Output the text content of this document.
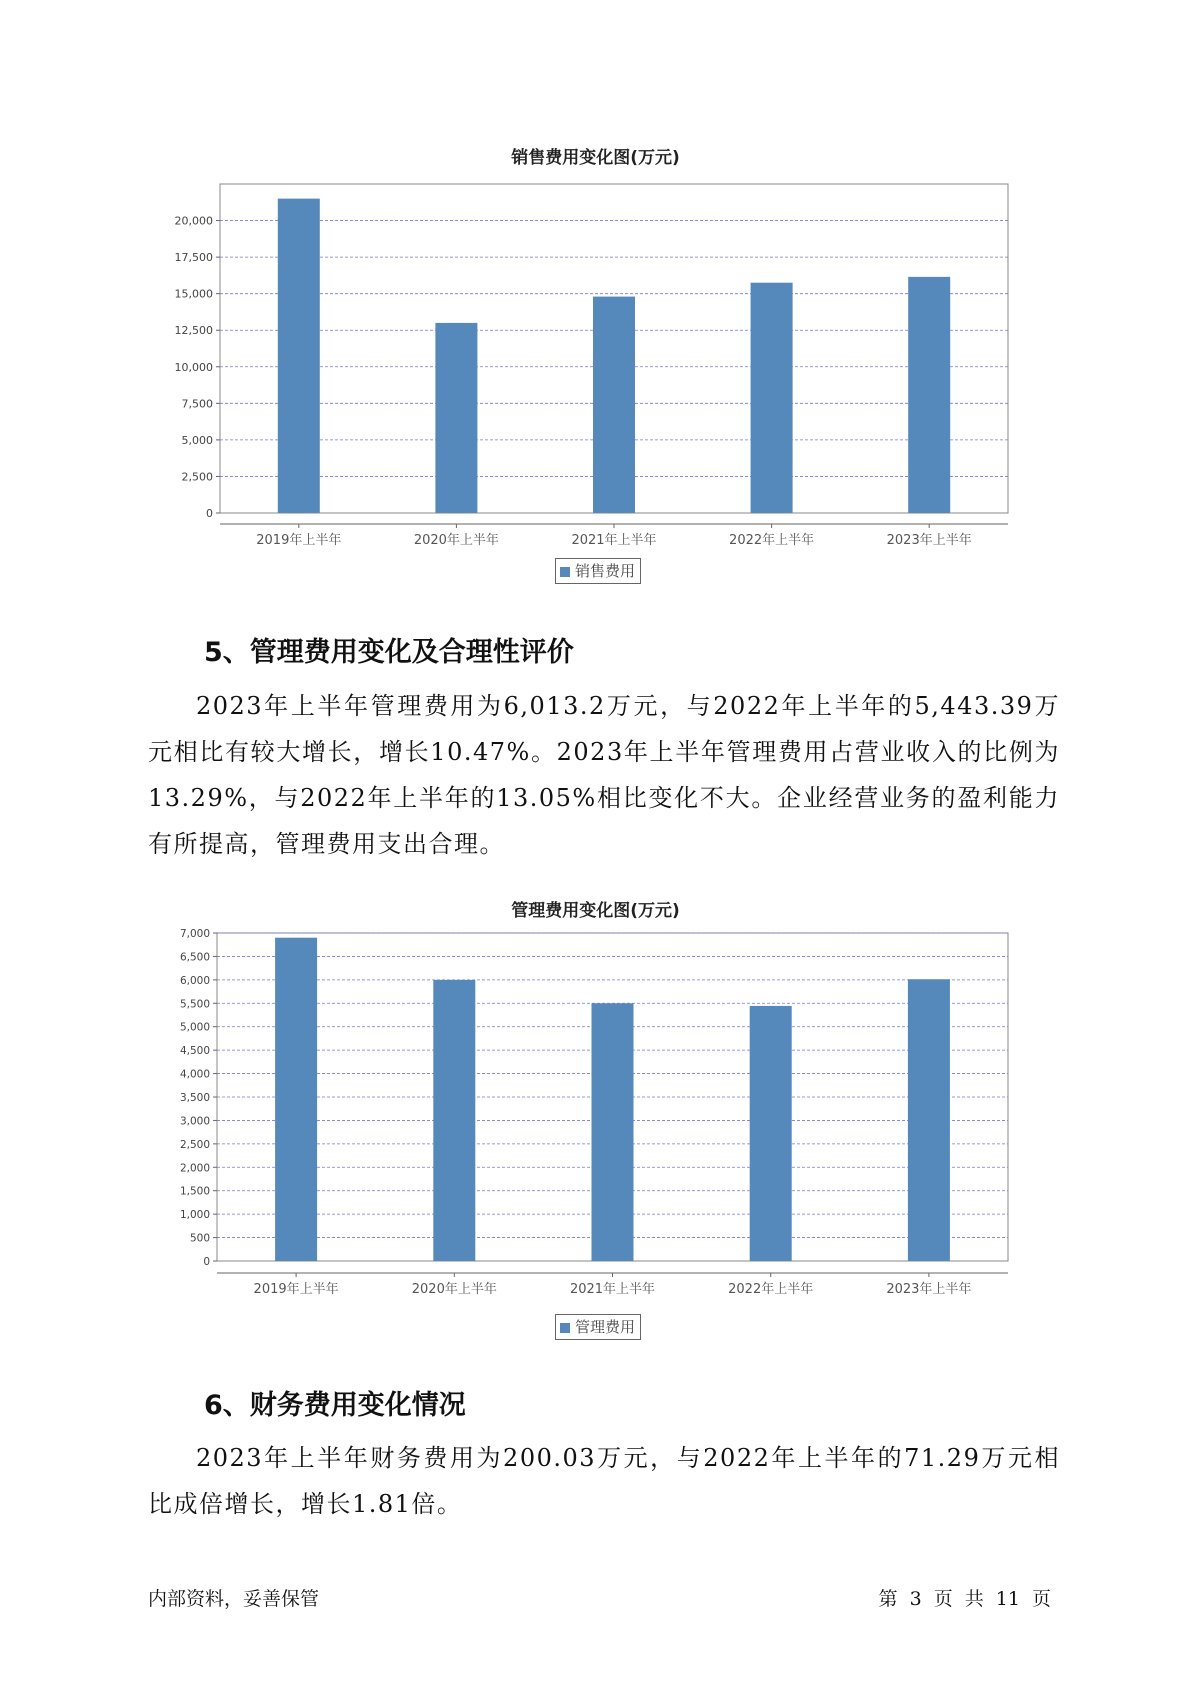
销售费用变化图(万元)
0
2,500
5,000
7,500
10,000
12,500
15,000
17,500
20,000
2019年上半年	2020年上半年	2021年上半年	2022年上半年	2023年上半年
销售费用
5、管理费用变化及合理性评价
2023年上半年管理费用为6,013.2万元，与2022年上半年的5,443.39万元相比有较大增长，增长10.47%。2023年上半年管理费用占营业收入的比例为13.29%，与2022年上半年的13.05%相比变化不大。企业经营业务的盈利能力有所提高，管理费用支出合理。
管理费用变化图(万元)
0
500
1,000
1,500
2,000
2,500
3,000
3,500
4,000
4,500
5,000
5,500
6,000
6,500
7,000
2019年上半年	2020年上半年	2021年上半年	2022年上半年	2023年上半年
管理费用
6、财务费用变化情况
2023年上半年财务费用为200.03万元，与2022年上半年的71.29万元相比成倍增长，增长1.81倍。
内部资料，妥善保管	第 3 页 共 11 页
